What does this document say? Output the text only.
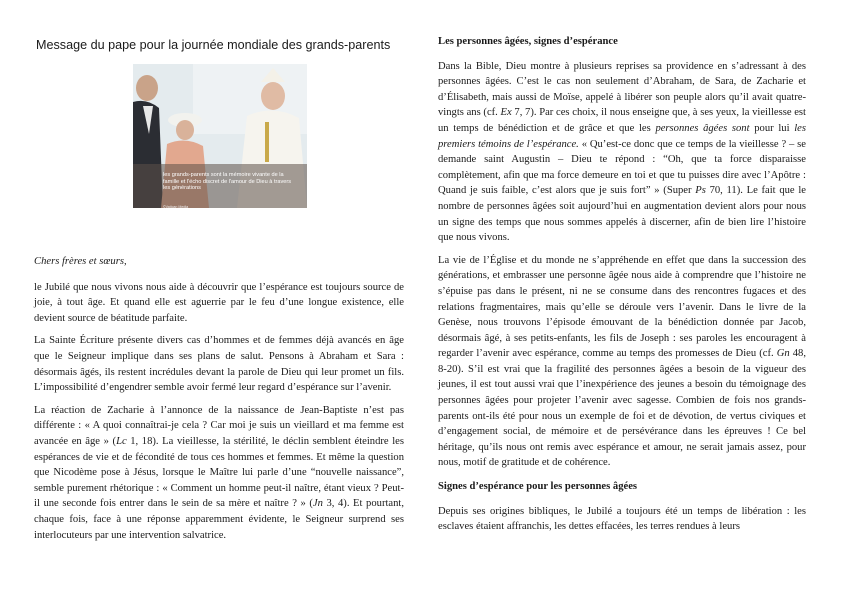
Message du pape pour la journée mondiale des grands-parents
les grands-parents sont la mémoire vivante de la famille et l'écho discret de l'amour de Dieu à travers les générations
©Vatican Media

Chers frères et sœurs,

le Jubilé que nous vivons nous aide à découvrir que l’espérance est toujours source de joie, à tout âge. Et quand elle est aguerrie par le feu d’une longue existence, elle devient source de béatitude parfaite.

La Sainte Écriture présente divers cas d’hommes et de femmes déjà avancés en âge que le Seigneur implique dans ses plans de salut. Pensons à Abraham et Sara : désormais âgés, ils restent incrédules devant la parole de Dieu qui leur promet un fils. L’impossibilité d’engendrer semble avoir fermé leur regard d’espérance sur l’avenir.

La réaction de Zacharie à l’annonce de la naissance de Jean-Baptiste n’est pas différente : « A quoi connaîtrai-je cela ? Car moi je suis un vieillard et ma femme est avancée en âge » (Lc 1, 18). La vieillesse, la stérilité, le déclin semblent éteindre les espérances de vie et de fécondité de tous ces hommes et femmes. Et même la question que Nicodème pose à Jésus, lorsque le Maître lui parle d’une “nouvelle naissance”, semble purement rhétorique : « Comment un homme peut-il naître, étant vieux ? Peut-il une seconde fois entrer dans le sein de sa mère et naître ? » (Jn 3, 4). Et pourtant, chaque fois, face à une réponse apparemment évidente, le Seigneur surprend ses interlocuteurs par une intervention salvatrice.

Les personnes âgées, signes d’espérance

Dans la Bible, Dieu montre à plusieurs reprises sa providence en s’adressant à des personnes âgées. C’est le cas non seulement d’Abraham, de Sara, de Zacharie et d’Élisabeth, mais aussi de Moïse, appelé à libérer son peuple alors qu’il avait quatre-vingts ans (cf. Ex 7, 7). Par ces choix, il nous enseigne que, à ses yeux, la vieillesse est un temps de bénédiction et de grâce et que les personnes âgées sont pour lui les premiers témoins de l’espérance. « Qu’est-ce donc que ce temps de la vieillesse ? – se demande saint Augustin – Dieu te répond : “Oh, que ta force disparaisse complètement, afin que ma force demeure en toi et que tu puisses dire avec l’Apôtre : Quand je suis faible, c’est alors que je suis fort” » (Super Ps 70, 11). Le fait que le nombre de personnes âgées soit aujourd’hui en augmentation devient alors pour nous un signe des temps que nous sommes appelés à discerner, afin de bien lire l’histoire que nous vivons.

La vie de l’Église et du monde ne s’appréhende en effet que dans la succession des générations, et embrasser une personne âgée nous aide à comprendre que l’histoire ne s’épuise pas dans le présent, ni ne se consume dans des rencontres fugaces et des relations fragmentaires, mais qu’elle se déroule vers l’avenir. Dans le livre de la Genèse, nous trouvons l’épisode émouvant de la bénédiction donnée par Jacob, désormais âgé, à ses petits-enfants, les fils de Joseph : ses paroles les encouragent à regarder l’avenir avec espérance, comme au temps des promesses de Dieu (cf. Gn 48, 8-20). S’il est vrai que la fragilité des personnes âgées a besoin de la vigueur des jeunes, il est tout aussi vrai que l’inexpérience des jeunes a besoin du témoignage des personnes âgées pour projeter l’avenir avec sagesse. Combien de fois nos grands-parents ont-ils été pour nous un exemple de foi et de dévotion, de vertus civiques et d’engagement social, de mémoire et de persévérance dans les épreuves ! Ce bel héritage, qu’ils nous ont remis avec espérance et amour, ne serait jamais assez, pour nous, motif de gratitude et de cohérence.

Signes d’espérance pour les personnes âgées

Depuis ses origines bibliques, le Jubilé a toujours été un temps de libération : les esclaves étaient affranchis, les dettes effacées, les terres rendues à leurs
